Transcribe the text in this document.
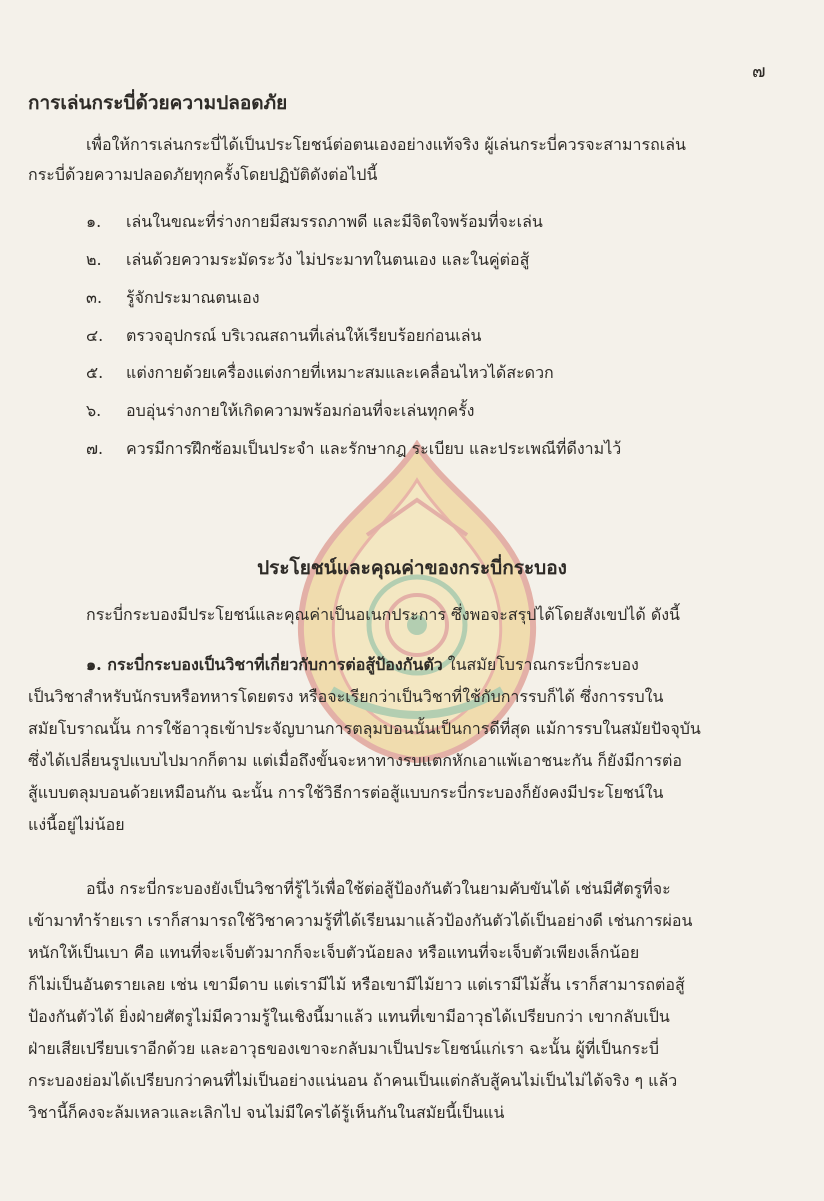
๗
การเล่นกระบี่ด้วยความปลอดภัย
เพื่อให้การเล่นกระบี่ได้เป็นประโยชน์ต่อตนเองอย่างแท้จริง ผู้เล่นกระบี่ควรจะสามารถเล่น
กระบี่ด้วยความปลอดภัยทุกครั้งโดยปฏิบัติดังต่อไปนี้
๑. เล่นในขณะที่ร่างกายมีสมรรถภาพดี และมีจิตใจพร้อมที่จะเล่น
๒. เล่นด้วยความระมัดระวัง ไม่ประมาทในตนเอง และในคู่ต่อสู้
๓. รู้จักประมาณตนเอง
๔. ตรวจอุปกรณ์ บริเวณสถานที่เล่นให้เรียบร้อยก่อนเล่น
๕. แต่งกายด้วยเครื่องแต่งกายที่เหมาะสมและเคลื่อนไหวได้สะดวก
๖. อบอุ่นร่างกายให้เกิดความพร้อมก่อนที่จะเล่นทุกครั้ง
๗. ควรมีการฝึกซ้อมเป็นประจำ และรักษากฎ ระเบียบ และประเพณีที่ดีงามไว้
ประโยชน์และคุณค่าของกระบี่กระบอง
กระบี่กระบองมีประโยชน์และคุณค่าเป็นอเนกประการ ซึ่งพอจะสรุปได้โดยสังเขปได้ ดังนี้
๑. กระบี่กระบองเป็นวิชาที่เกี่ยวกับการต่อสู้ป้องกันตัว ในสมัยโบราณกระบี่กระบอง
เป็นวิชาสำหรับนักรบหรือทหารโดยตรง หรือจะเรียกว่าเป็นวิชาที่ใช้กับการรบก็ได้ ซึ่งการรบใน
สมัยโบราณนั้น การใช้อาวุธเข้าประจัญบานการตลุมบอนนั้นเป็นการดีที่สุด แม้การรบในสมัยปัจจุบัน
ซึ่งได้เปลี่ยนรูปแบบไปมากก็ตาม แต่เมื่อถึงขั้นจะหาทางรบแตกหักเอาแพ้เอาชนะกัน ก็ยังมีการต่อ
สู้แบบตลุมบอนด้วยเหมือนกัน ฉะนั้น การใช้วิธีการต่อสู้แบบกระบี่กระบองก็ยังคงมีประโยชน์ใน
แง่นี้อยู่ไม่น้อย
อนึ่ง กระบี่กระบองยังเป็นวิชาที่รู้ไว้เพื่อใช้ต่อสู้ป้องกันตัวในยามคับขันได้ เช่นมีศัตรูที่จะ
เข้ามาทำร้ายเรา เราก็สามารถใช้วิชาความรู้ที่ได้เรียนมาแล้วป้องกันตัวได้เป็นอย่างดี เช่นการผ่อน
หนักให้เป็นเบา คือ แทนที่จะเจ็บตัวมากก็จะเจ็บตัวน้อยลง หรือแทนที่จะเจ็บตัวเพียงเล็กน้อย
ก็ไม่เป็นอันตรายเลย เช่น เขามีดาบ แต่เรามีไม้ หรือเขามีไม้ยาว แต่เรามีไม้สั้น เราก็สามารถต่อสู้
ป้องกันตัวได้ ยิ่งฝ่ายศัตรูไม่มีความรู้ในเชิงนี้มาแล้ว แทนที่เขามีอาวุธได้เปรียบกว่า เขากลับเป็น
ฝ่ายเสียเปรียบเราอีกด้วย และอาวุธของเขาจะกลับมาเป็นประโยชน์แก่เรา ฉะนั้น ผู้ที่เป็นกระบี่
กระบองย่อมได้เปรียบกว่าคนที่ไม่เป็นอย่างแน่นอน ถ้าคนเป็นแต่กลับสู้คนไม่เป็นไม่ได้จริง ๆ แล้ว
วิชานี้ก็คงจะล้มเหลวและเลิกไป จนไม่มีใครได้รู้เห็นกันในสมัยนี้เป็นแน่
